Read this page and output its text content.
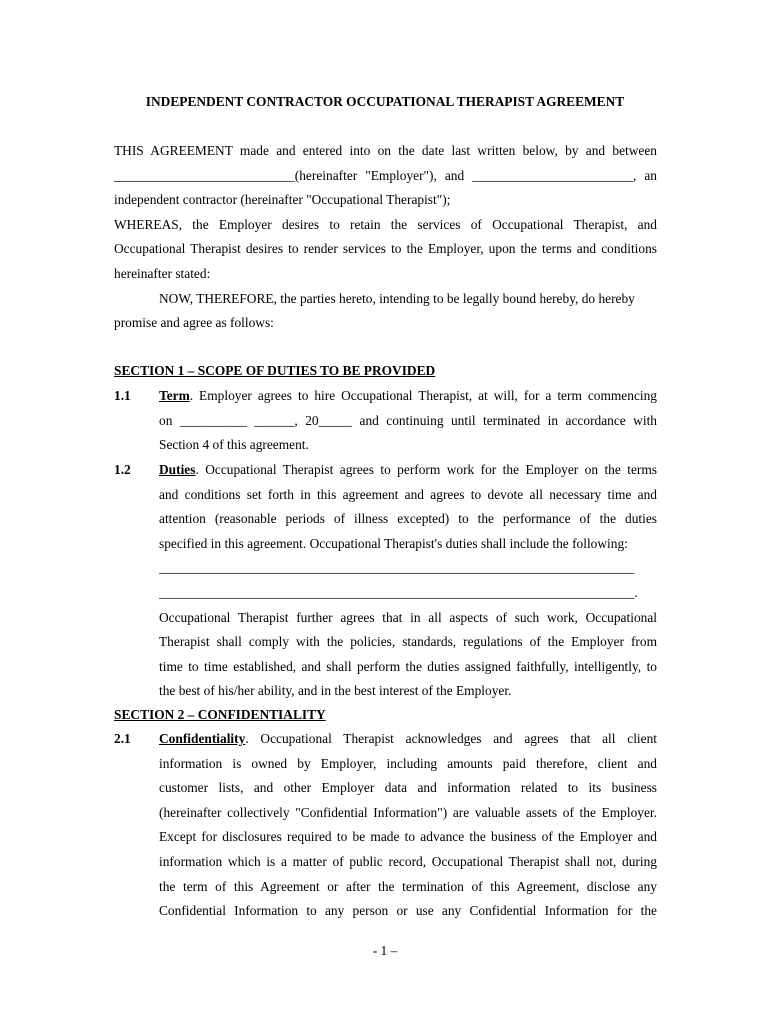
INDEPENDENT CONTRACTOR OCCUPATIONAL THERAPIST AGREEMENT
THIS AGREEMENT made and entered into on the date last written below, by and between
___________________________(hereinafter "Employer"), and ________________________, an
independent contractor (hereinafter "Occupational Therapist");
WHEREAS, the Employer desires to retain the services of Occupational Therapist, and
Occupational Therapist desires to render services to the Employer, upon the terms and conditions
hereinafter stated:
NOW, THEREFORE, the parties hereto, intending to be legally bound hereby, do hereby
promise and agree as follows:
SECTION 1 – SCOPE OF DUTIES TO BE PROVIDED
1.1 Term. Employer agrees to hire Occupational Therapist, at will, for a term commencing
on __________ ______, 20_____ and continuing until terminated in accordance with
Section 4 of this agreement.
1.2 Duties. Occupational Therapist agrees to perform work for the Employer on the terms
and conditions set forth in this agreement and agrees to devote all necessary time and
attention (reasonable periods of illness excepted) to the performance of the duties
specified in this agreement. Occupational Therapist's duties shall include the following:
_______________________________________________________________________
_______________________________________________________________________.
Occupational Therapist further agrees that in all aspects of such work, Occupational
Therapist shall comply with the policies, standards, regulations of the Employer from
time to time established, and shall perform the duties assigned faithfully, intelligently, to
the best of his/her ability, and in the best interest of the Employer.
SECTION 2 – CONFIDENTIALITY
2.1 Confidentiality. Occupational Therapist acknowledges and agrees that all client
information is owned by Employer, including amounts paid therefore, client and
customer lists, and other Employer data and information related to its business
(hereinafter collectively "Confidential Information") are valuable assets of the Employer.
Except for disclosures required to be made to advance the business of the Employer and
information which is a matter of public record, Occupational Therapist shall not, during
the term of this Agreement or after the termination of this Agreement, disclose any
Confidential Information to any person or use any Confidential Information for the
- 1 –
